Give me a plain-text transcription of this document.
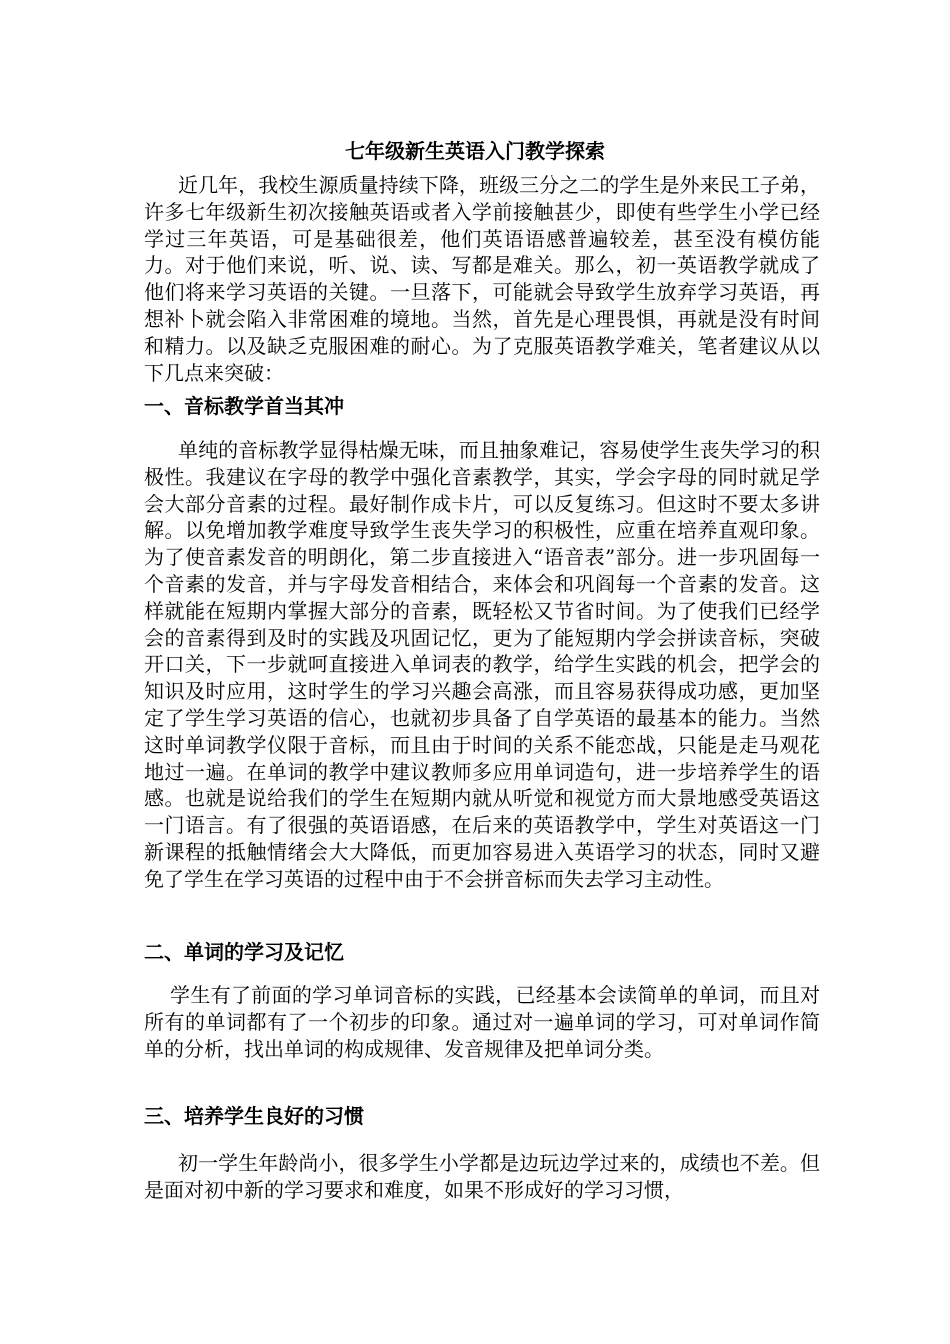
七年级新生英语入门教学探索

近几年，我校生源质量持续下降，班级三分之二的学生是外来民工子弟，许多七年级新生初次接触英语或者入学前接触甚少，即使有些学生小学已经学过三年英语，可是基础很差，他们英语语感普遍较差，甚至没有模仿能力。对于他们来说，听、说、读、写都是难关。那么，初一英语教学就成了他们将来学习英语的关键。一旦落下，可能就会导致学生放弃学习英语，再想补卜就会陷入非常困难的境地。当然，首先是心理畏惧，再就是没有时间和精力。以及缺乏克服困难的耐心。为了克服英语教学难关，笔者建议从以下几点来突破：

一、音标教学首当其冲

单纯的音标教学显得枯燥无味，而且抽象难记，容易使学生丧失学习的积极性。我建议在字母的教学中强化音素教学，其实，学会字母的同时就足学会大部分音素的过程。最好制作成卡片，可以反复练习。但这时不要太多讲解。以免增加教学难度导致学生丧失学习的积极性，应重在培养直观印象。为了使音素发音的明朗化，第二步直接进入“语音表”部分。进一步巩固每一个音素的发音，并与字母发音相结合，来体会和巩阎每一个音素的发音。这样就能在短期内掌握大部分的音素，既轻松又节省时间。为了使我们已经学会的音素得到及时的实践及巩固记忆，更为了能短期内学会拼读音标，突破开口关，下一步就呵直接进入单词表的教学，给学生实践的机会，把学会的知识及时应用，这时学生的学习兴趣会高涨，而且容易获得成功感，更加坚定了学生学习英语的信心，也就初步具备了自学英语的最基本的能力。当然这时单词教学仪限于音标，而且由于时间的关系不能恋战，只能是走马观花地过一遍。在单词的教学中建议教师多应用单词造句，进一步培养学生的语感。也就是说给我们的学生在短期内就从听觉和视觉方而大景地感受英语这一门语言。有了很强的英语语感，在后来的英语教学中，学生对英语这一门新课程的抵触情绪会大大降低，而更加容易进入英语学习的状态，同时又避免了学生在学习英语的过程中由于不会拼音标而失去学习主动性。

二、单词的学习及记忆

学生有了前面的学习单词音标的实践，已经基本会读简单的单词，而且对所有的单词都有了一个初步的印象。通过对一遍单词的学习，可对单词作简单的分析，找出单词的构成规律、发音规律及把单词分类。

三、培养学生良好的习惯

初一学生年龄尚小，很多学生小学都是边玩边学过来的，成绩也不差。但是面对初中新的学习要求和难度，如果不形成好的学习习惯，
